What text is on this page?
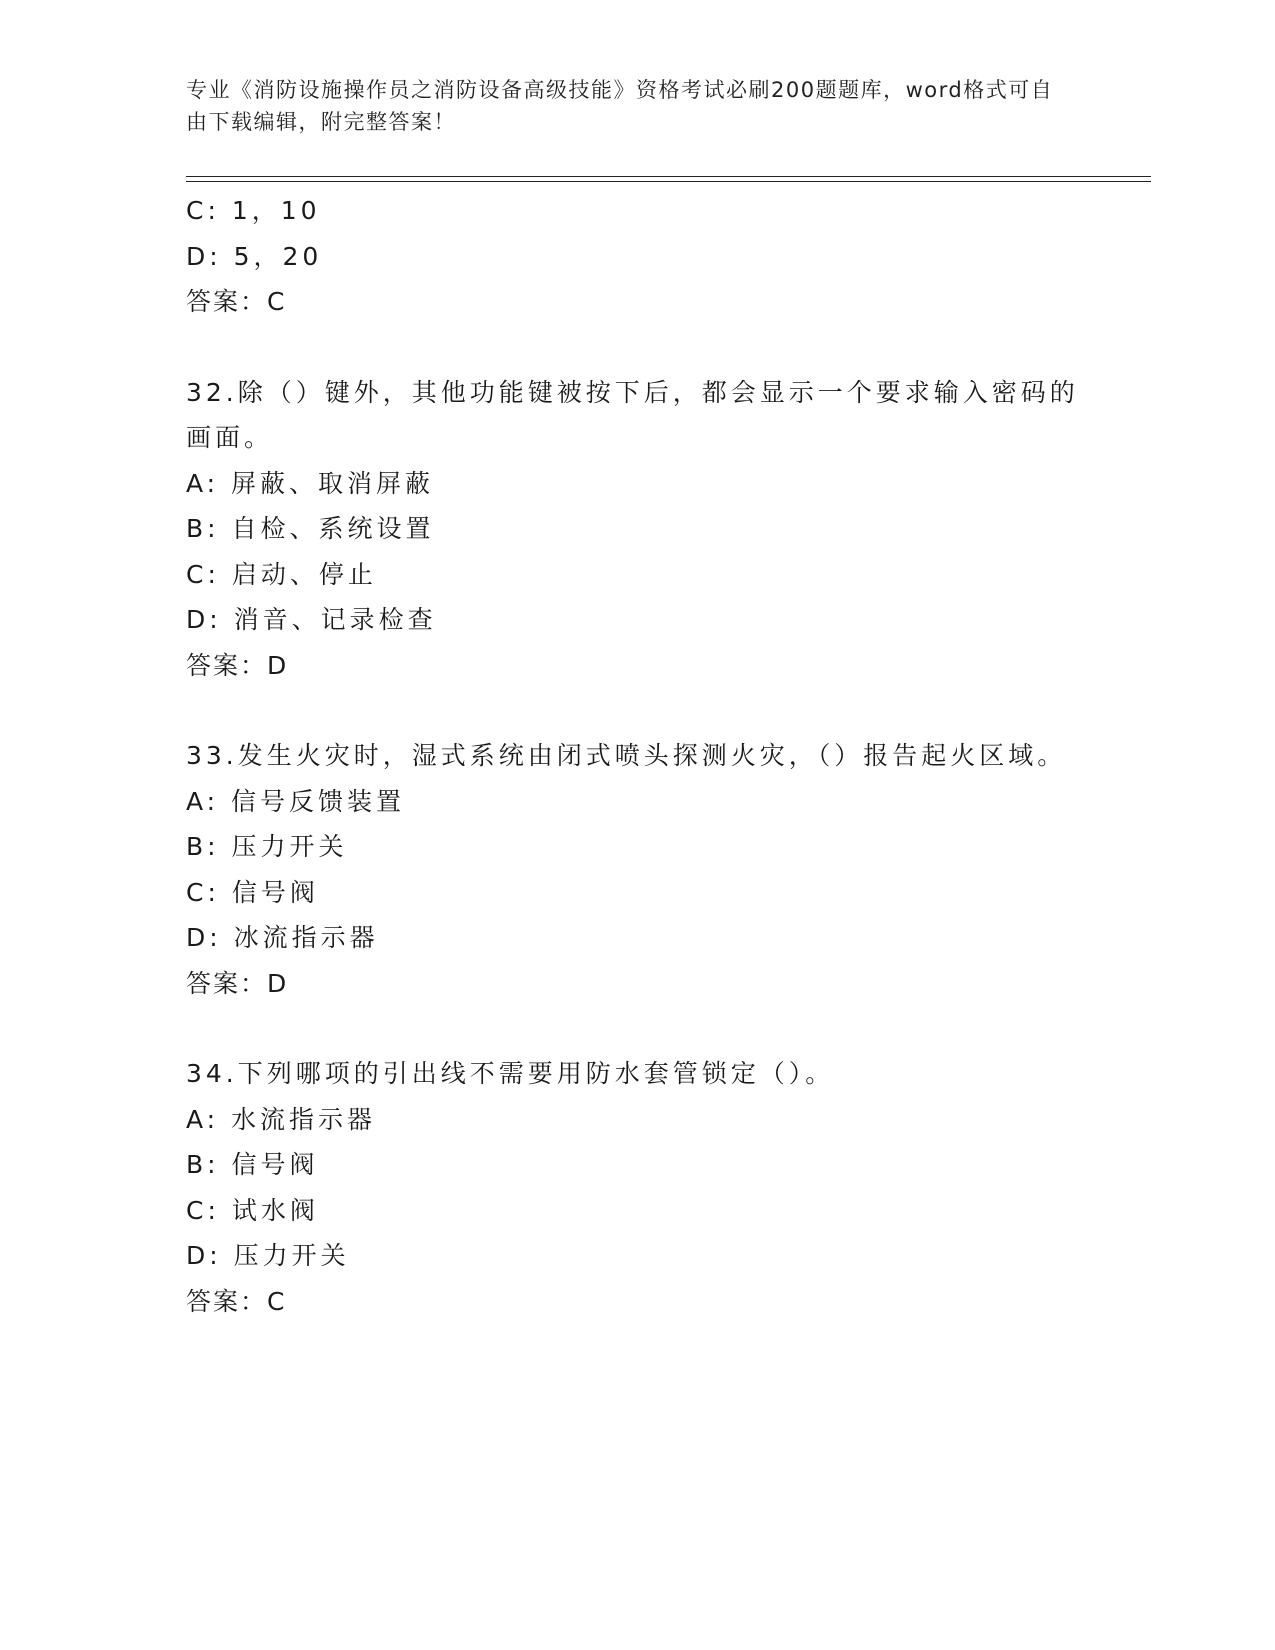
专业《消防设施操作员之消防设备高级技能》资格考试必刷200题题库，word格式可自由下载编辑，附完整答案！
C: 1，10
D: 5，20
答案：C
32.除（）键外，其他功能键被按下后，都会显示一个要求输入密码的画面。
A: 屏蔽、取消屏蔽
B: 自检、系统设置
C: 启动、停止
D: 消音、记录检查
答案：D
33.发生火灾时，湿式系统由闭式喷头探测火灾，（）报告起火区域。
A: 信号反馈装置
B: 压力开关
C: 信号阀
D: 冰流指示器
答案：D
34.下列哪项的引出线不需要用防水套管锁定（）。
A: 水流指示器
B: 信号阀
C: 试水阀
D: 压力开关
答案：C
